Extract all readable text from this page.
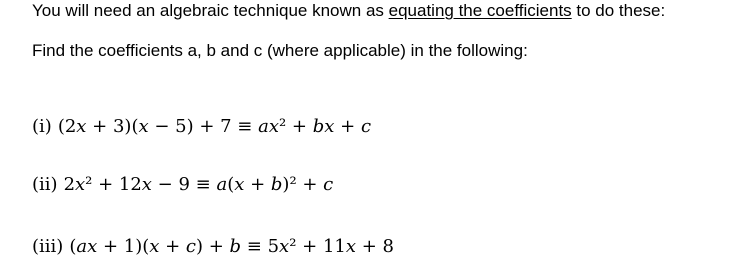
You will need an algebraic technique known as equating the coefficients to do these:

Find the coefficients a, b and c (where applicable) in the following:

(i) (2𝑥 + 3)(𝑥 − 5) + 7 ≡ 𝑎𝑥² + 𝑏𝑥 + 𝑐
(ii) 2𝑥² + 12𝑥 − 9 ≡ 𝑎(𝑥 + 𝑏)² + 𝑐
(iii) (𝑎𝑥 + 1)(𝑥 + 𝑐) + 𝑏 ≡ 5𝑥² + 11𝑥 + 8
